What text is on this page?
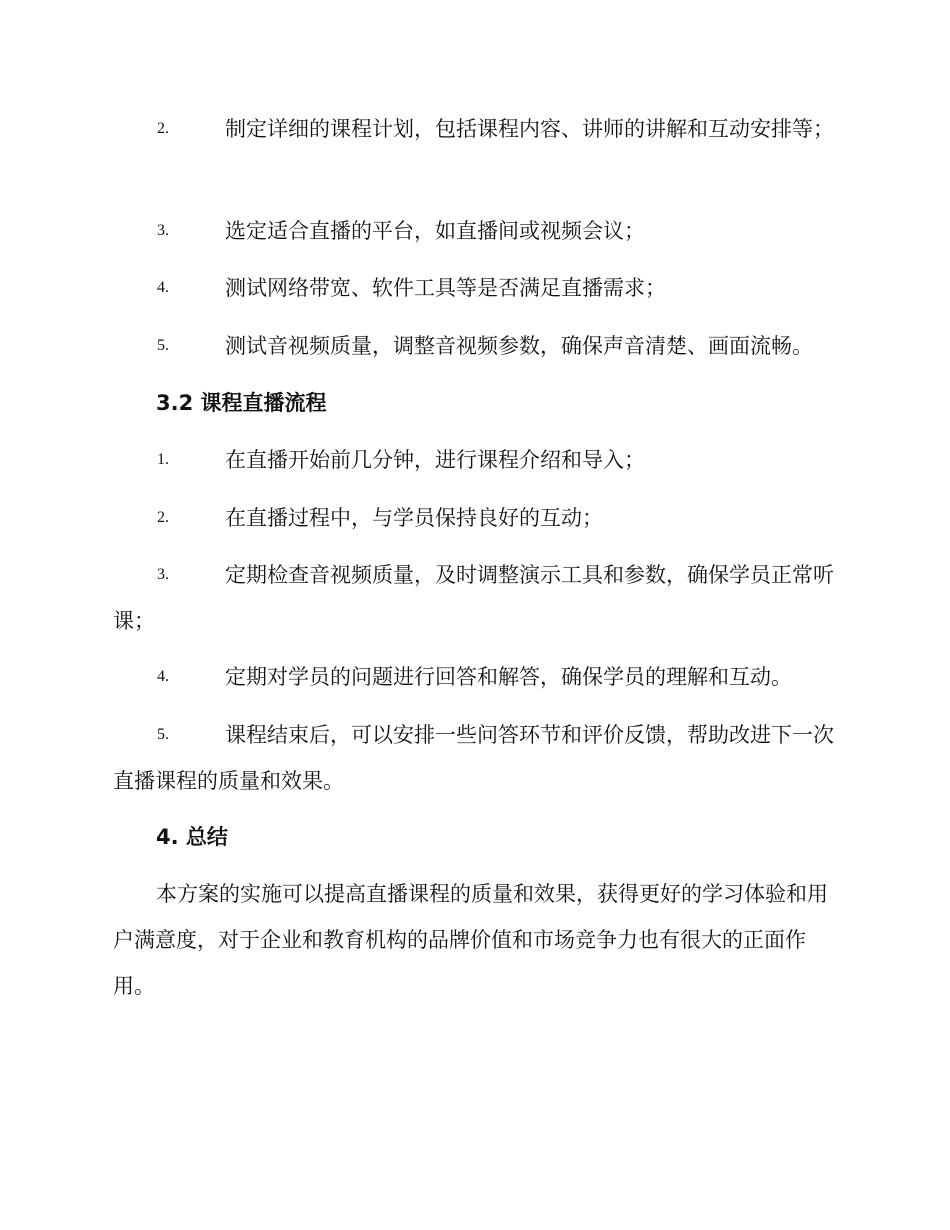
2.	制定详细的课程计划，包括课程内容、讲师的讲解和互动安排等；
3.	选定适合直播的平台，如直播间或视频会议；
4.	测试网络带宽、软件工具等是否满足直播需求；
5.	测试音视频质量，调整音视频参数，确保声音清楚、画面流畅。
3.2 课程直播流程
1.	在直播开始前几分钟，进行课程介绍和导入；
2.	在直播过程中，与学员保持良好的互动；
3.	定期检查音视频质量，及时调整演示工具和参数，确保学员正常听课；
4.	定期对学员的问题进行回答和解答，确保学员的理解和互动。
5.	课程结束后，可以安排一些问答环节和评价反馈，帮助改进下一次直播课程的质量和效果。
4. 总结
本方案的实施可以提高直播课程的质量和效果，获得更好的学习体验和用户满意度，对于企业和教育机构的品牌价值和市场竞争力也有很大的正面作用。
